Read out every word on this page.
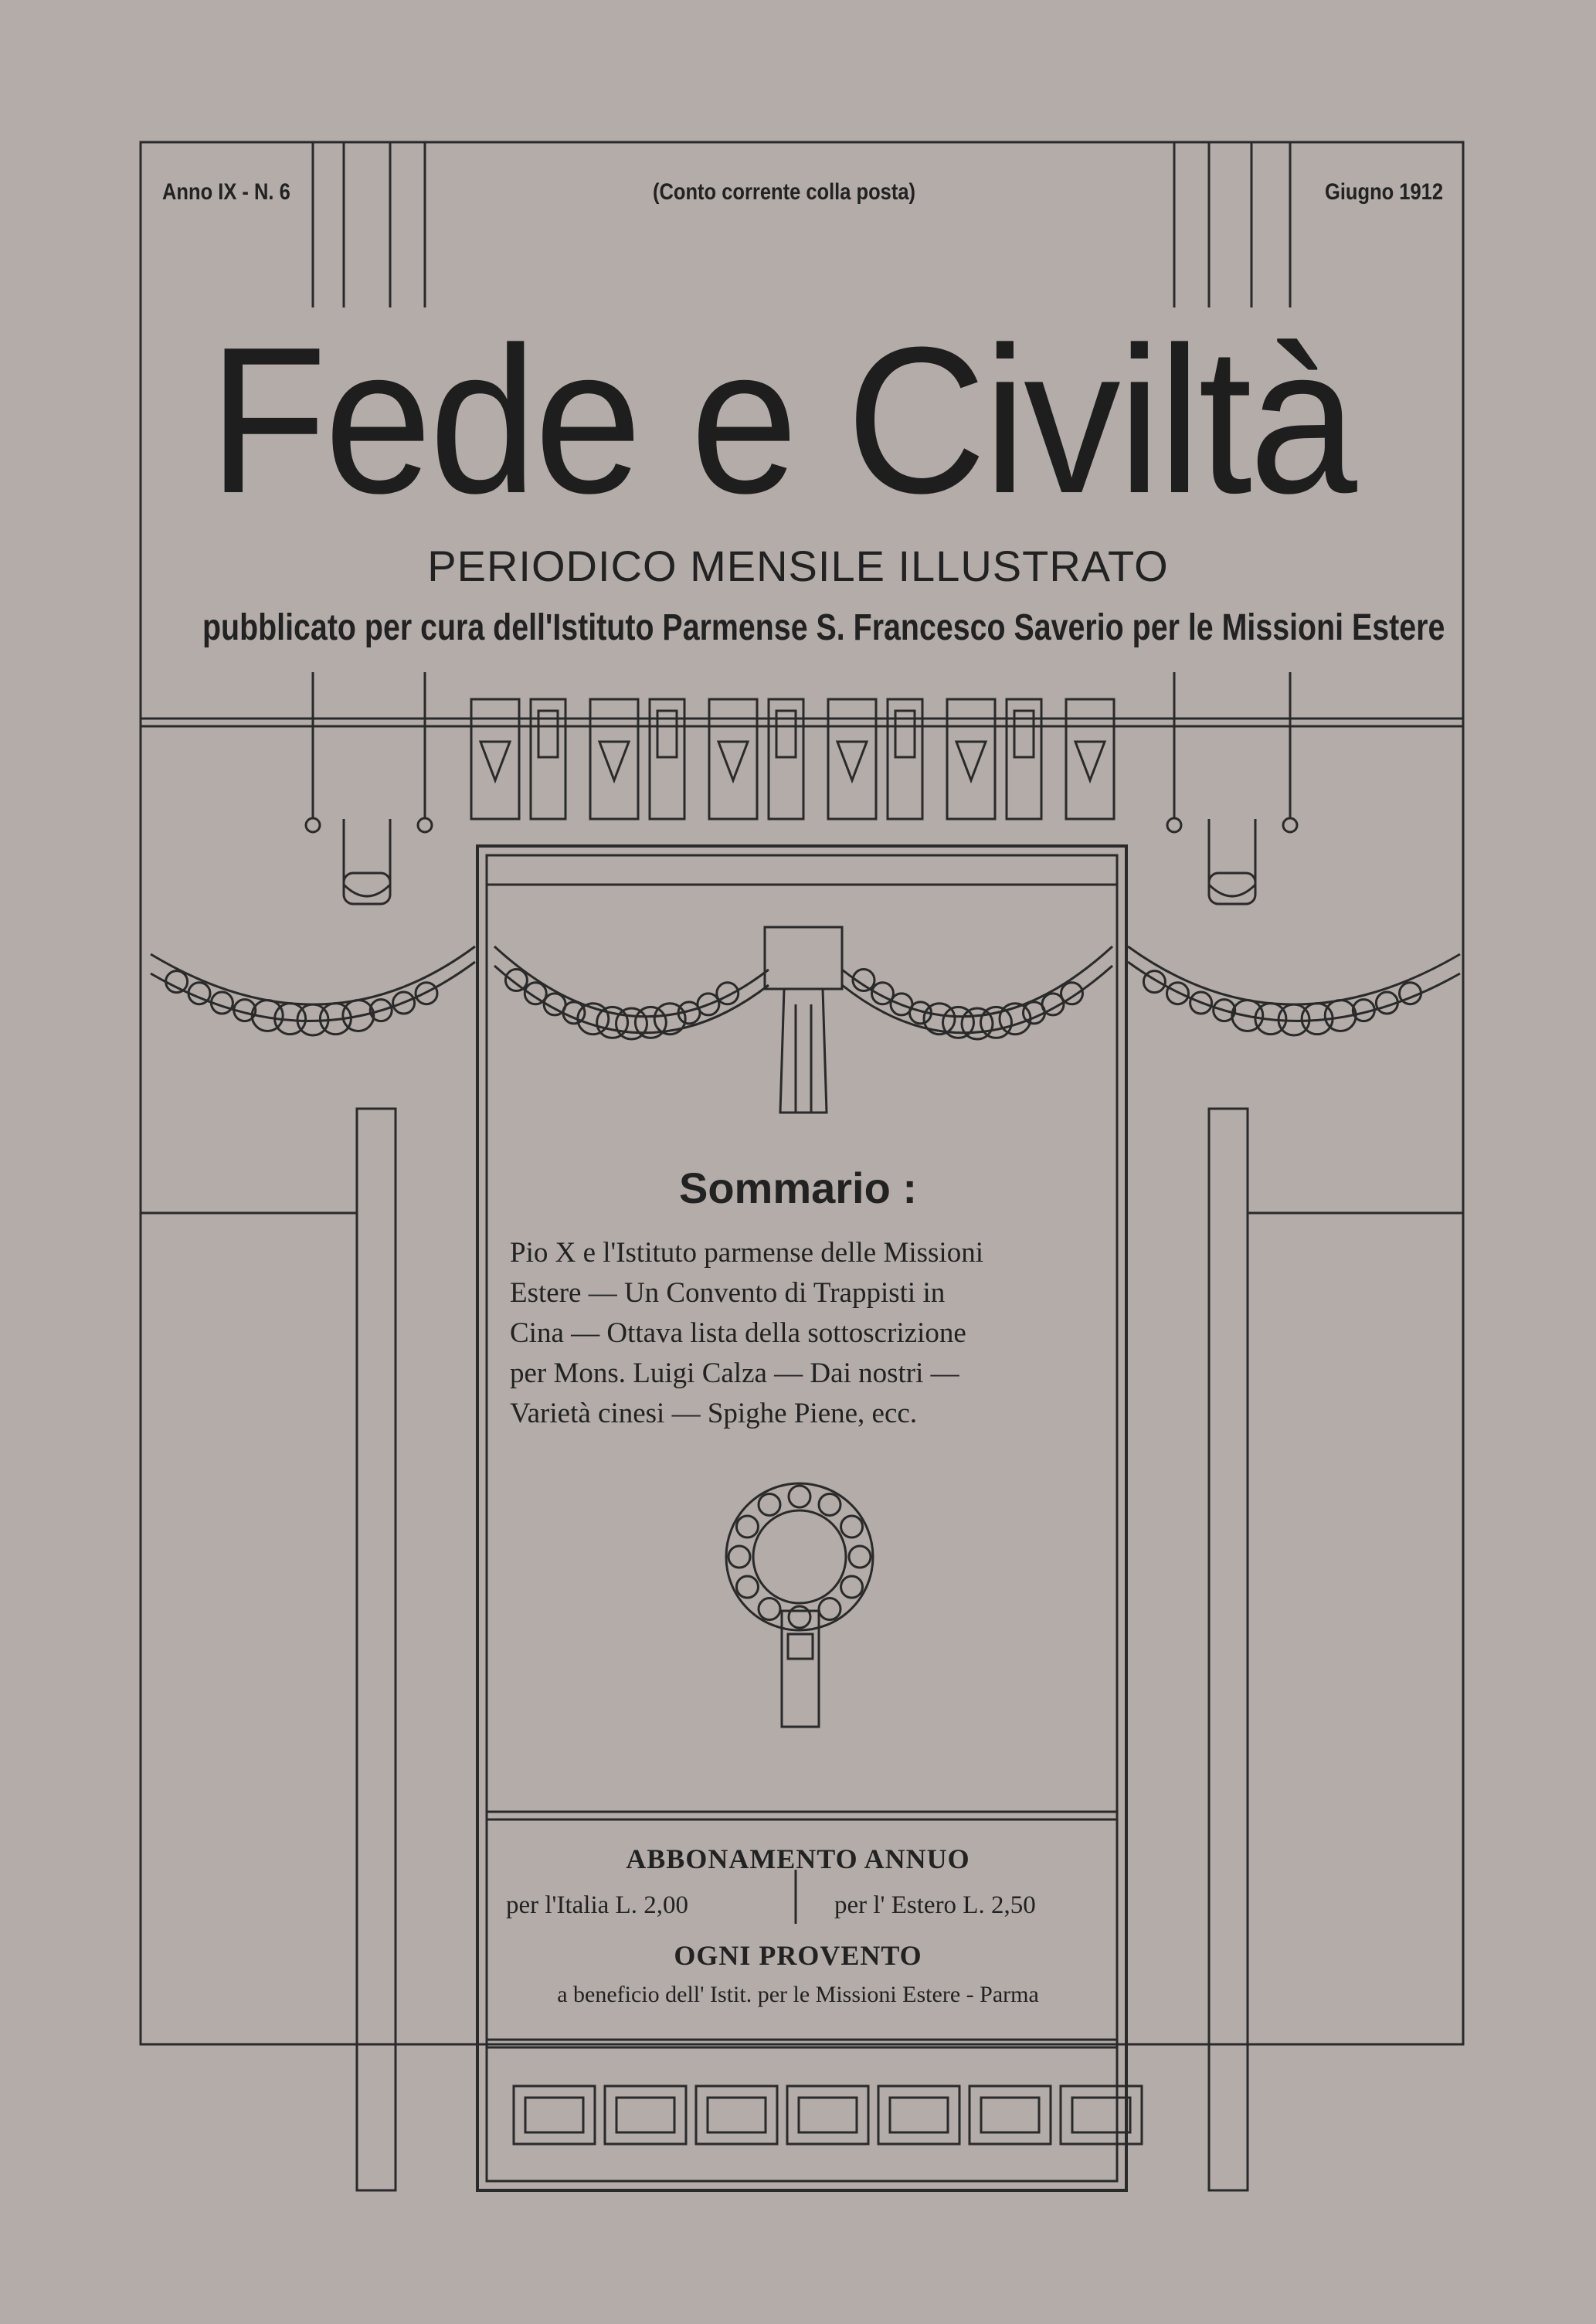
Anno IX - N. 6	(Conto corrente colla posta)	Giugno 1912
Fede e Civiltà
PERIODICO MENSILE ILLUSTRATO
pubblicato per cura dell'Istituto Parmense S. Francesco Saverio per le Missioni Estere
Sommario :
Pio X e l'Istituto parmense delle Missioni
Estere — Un Convento di Trappisti in
Cina — Ottava lista della sottoscrizione
per Mons. Luigi Calza — Dai nostri —
Varietà cinesi — Spighe Piene, ecc.
ABBONAMENTO ANNUO
per l'Italia L. 2,00	per l' Estero L. 2,50
OGNI PROVENTO
a beneficio dell' Istit. per le Missioni Estere - Parma
